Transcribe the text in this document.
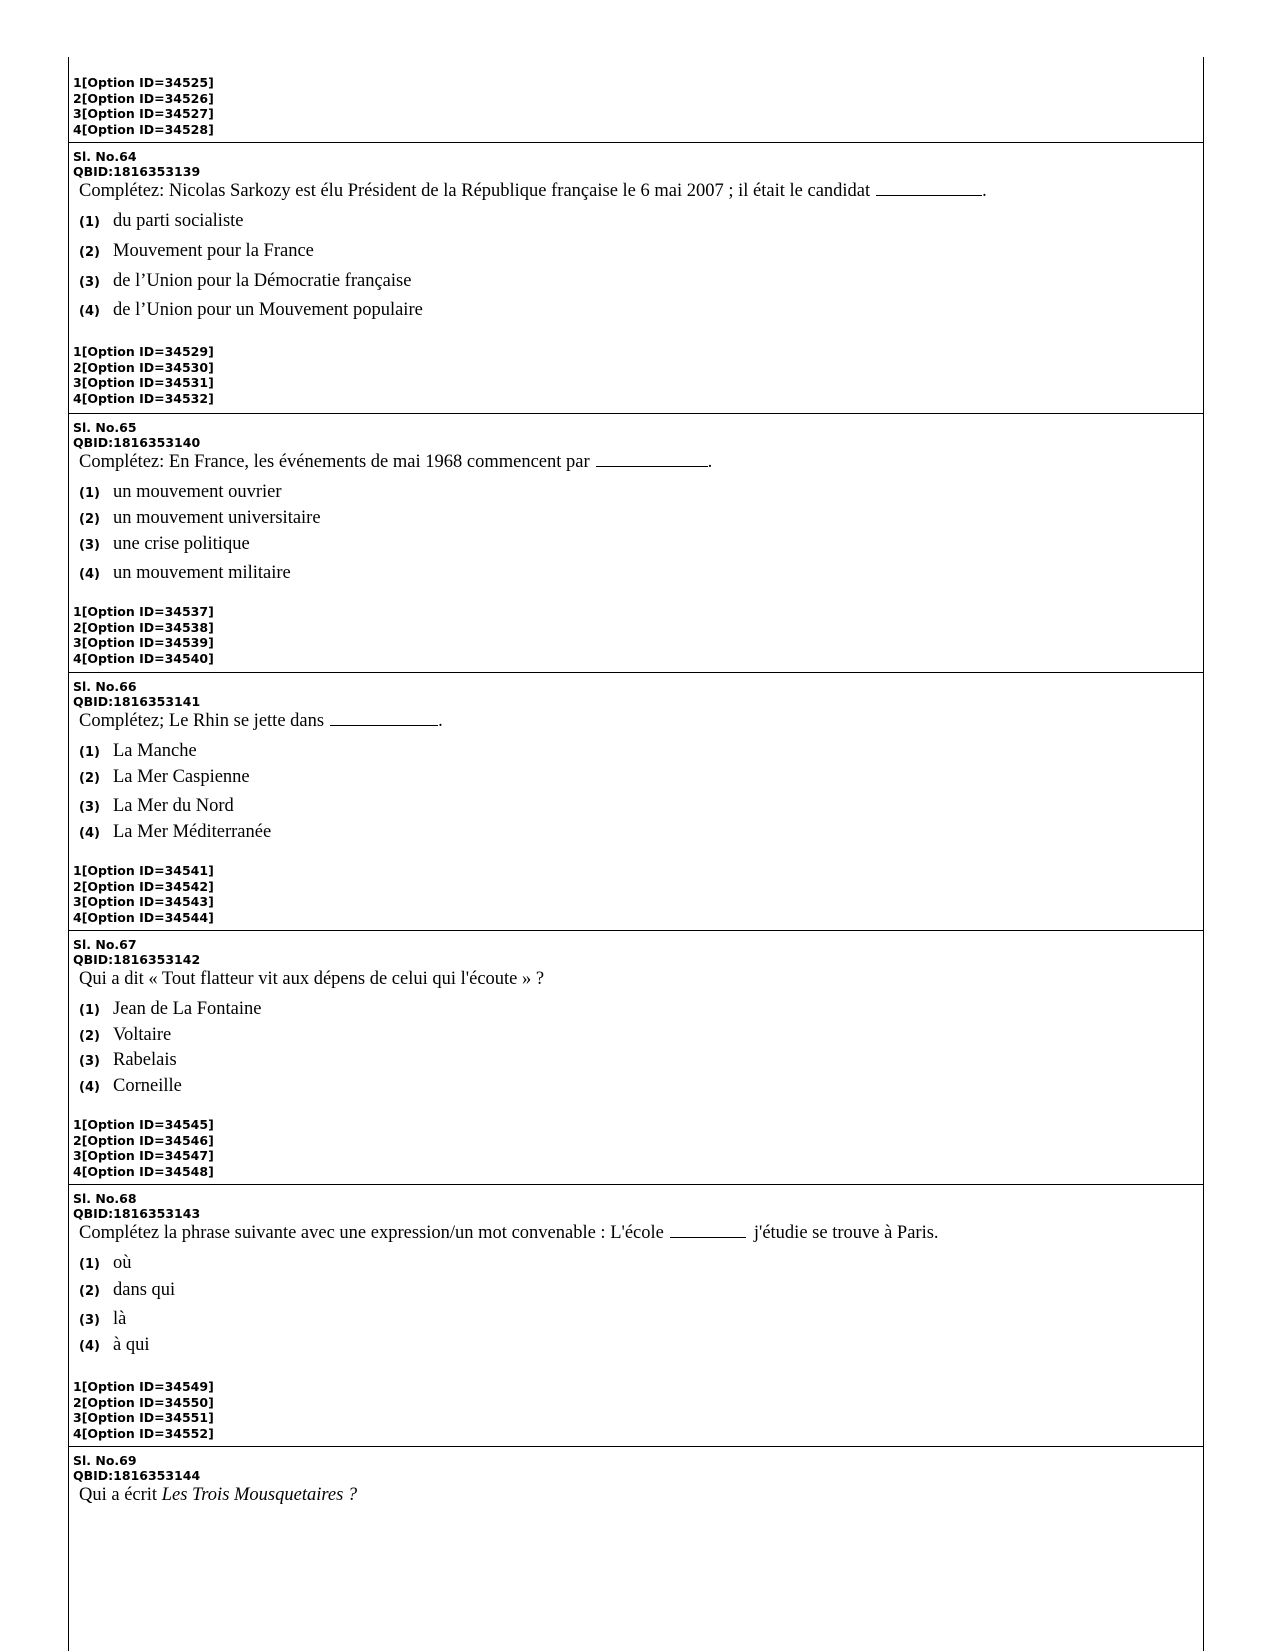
1[Option ID=34525]
2[Option ID=34526]
3[Option ID=34527]
4[Option ID=34528]
Sl. No.64
QBID:1816353139
Complétez: Nicolas Sarkozy est élu Président de la République française le 6 mai 2007 ; il était le candidat	.
(1) du parti socialiste
(2) Mouvement pour la France
(3) de l’Union pour la Démocratie française
(4) de l’Union pour un Mouvement populaire
1[Option ID=34529]
2[Option ID=34530]
3[Option ID=34531]
4[Option ID=34532]
Sl. No.65
QBID:1816353140
Complétez: En France, les événements de mai 1968 commencent par	.
(1) un mouvement ouvrier
(2) un mouvement universitaire
(3) une crise politique
(4) un mouvement militaire
1[Option ID=34537]
2[Option ID=34538]
3[Option ID=34539]
4[Option ID=34540]
Sl. No.66
QBID:1816353141
Complétez; Le Rhin se jette dans	.
(1) La Manche
(2) La Mer Caspienne
(3) La Mer du Nord
(4) La Mer Méditerranée
1[Option ID=34541]
2[Option ID=34542]
3[Option ID=34543]
4[Option ID=34544]
Sl. No.67
QBID:1816353142
Qui a dit « Tout flatteur vit aux dépens de celui qui l'écoute » ?
(1) Jean de La Fontaine
(2) Voltaire
(3) Rabelais
(4) Corneille
1[Option ID=34545]
2[Option ID=34546]
3[Option ID=34547]
4[Option ID=34548]
Sl. No.68
QBID:1816353143
Complétez la phrase suivante avec une expression/un mot convenable : L'école	j'étudie se trouve à Paris.
(1) où
(2) dans qui
(3) là
(4) à qui
1[Option ID=34549]
2[Option ID=34550]
3[Option ID=34551]
4[Option ID=34552]
Sl. No.69
QBID:1816353144
Qui a écrit Les Trois Mousquetaires ?
